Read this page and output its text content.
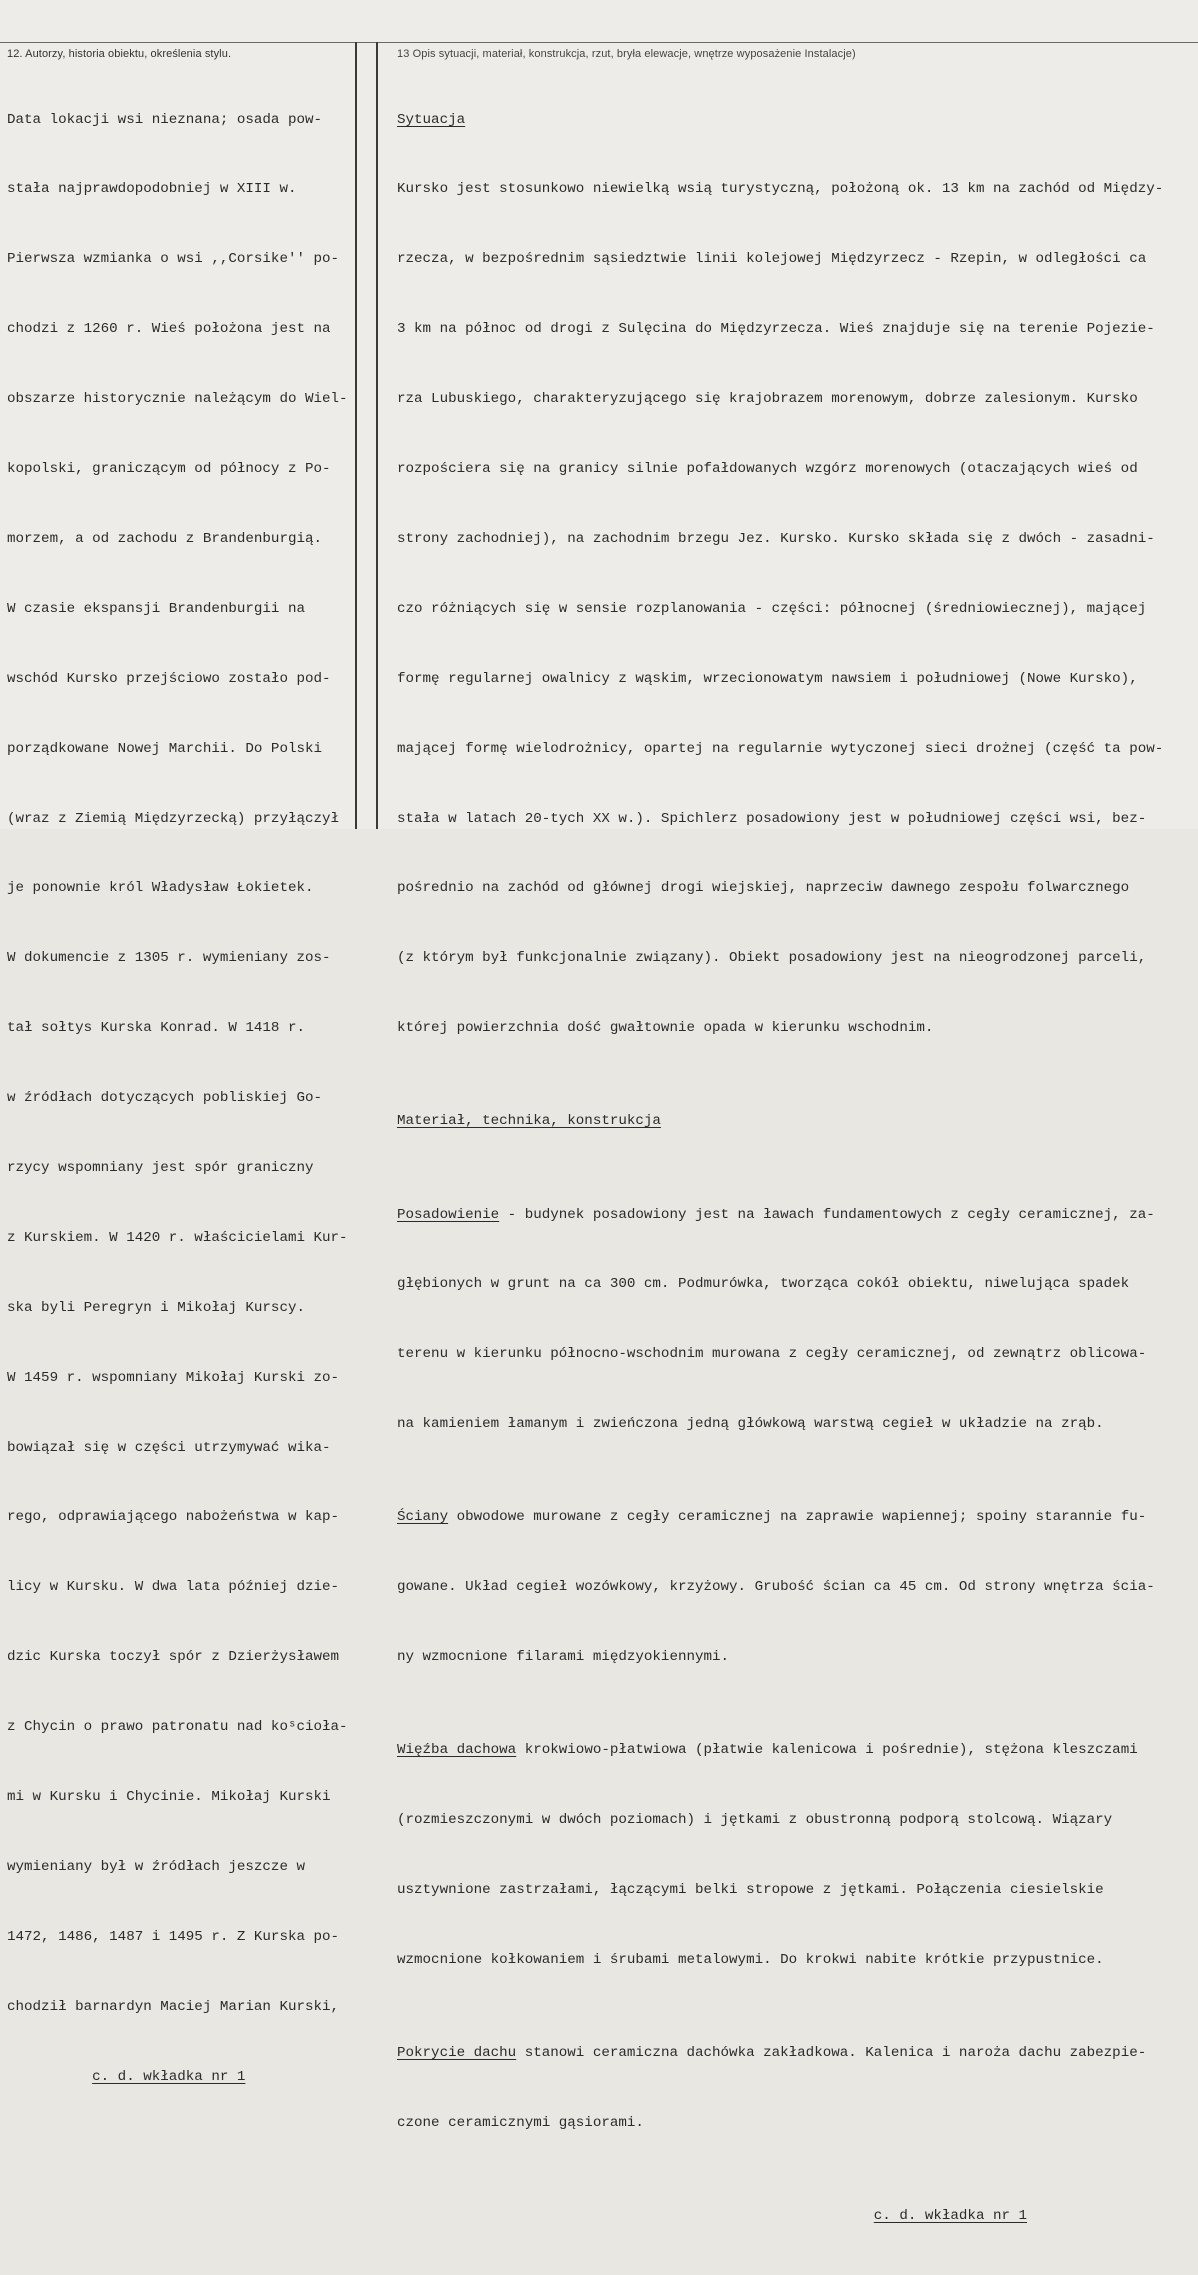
12. Autorzy, historia obiektu, określenia stylu.	13 Opis sytuacji, materiał, konstrukcja, rzut, bryła elewacje, wnętrze wyposażenie Instalacje)

Data lokacji wsi nieznana; osada pow-

stała najprawdopodobniej w XIII w.

Pierwsza wzmianka o wsi ,,Corsike'' po-

chodzi z 1260 r. Wieś położona jest na

obszarze historycznie należącym do Wiel-

kopolski, graniczącym od północy z Po-

morzem, a od zachodu z Brandenburgią.

W czasie ekspansji Brandenburgii na

wschód Kursko przejściowo zostało pod-

porządkowane Nowej Marchii. Do Polski

(wraz z Ziemią Międzyrzecką) przyłączył

je ponownie król Władysław Łokietek.

W dokumencie z 1305 r. wymieniany zos-

tał sołtys Kurska Konrad. W 1418 r.

w źródłach dotyczących pobliskiej Go-

rzycy wspomniany jest spór graniczny

z Kurskiem. W 1420 r. właścicielami Kur-

ska byli Peregryn i Mikołaj Kurscy.

W 1459 r. wspomniany Mikołaj Kurski zo-

bowiązał się w części utrzymywać wika-

rego, odprawiającego nabożeństwa w kap-

licy w Kursku. W dwa lata później dzie-

dzic Kurska toczył spór z Dzierżysławem

z Chycin o prawo patronatu nad koˢcioła-

mi w Kursku i Chycinie. Mikołaj Kurski

wymieniany był w źródłach jeszcze w

1472, 1486, 1487 i 1495 r. Z Kurska po-

chodził barnardyn Maciej Marian Kurski,

c. d. wkładka nr 1

Sytuacja

Kursko jest stosunkowo niewielką wsią turystyczną, położoną ok. 13 km na zachód od Między-

rzecza, w bezpośrednim sąsiedztwie linii kolejowej Międzyrzecz - Rzepin, w odległości ca

3 km na północ od drogi z Sulęcina do Międzyrzecza. Wieś znajduje się na terenie Pojezie-

rza Lubuskiego, charakteryzującego się krajobrazem morenowym, dobrze zalesionym. Kursko

rozpościera się na granicy silnie pofałdowanych wzgórz morenowych (otaczających wieś od

strony zachodniej), na zachodnim brzegu Jez. Kursko. Kursko składa się z dwóch - zasadni-

czo różniących się w sensie rozplanowania - części: północnej (średniowiecznej), mającej

formę regularnej owalnicy z wąskim, wrzecionowatym nawsiem i południowej (Nowe Kursko),

mającej formę wielodrożnicy, opartej na regularnie wytyczonej sieci drożnej (część ta pow-

stała w latach 20-tych XX w.). Spichlerz posadowiony jest w południowej części wsi, bez-

pośrednio na zachód od głównej drogi wiejskiej, naprzeciw dawnego zespołu folwarcznego

(z którym był funkcjonalnie związany). Obiekt posadowiony jest na nieogrodzonej parceli,

której powierzchnia dość gwałtownie opada w kierunku wschodnim.

Materiał, technika, konstrukcja

Posadowienie - budynek posadowiony jest na ławach fundamentowych z cegły ceramicznej, za-

głębionych w grunt na ca 300 cm. Podmurówka, tworząca cokół obiektu, niwelująca spadek

terenu w kierunku północno-wschodnim murowana z cegły ceramicznej, od zewnątrz oblicowa-

na kamieniem łamanym i zwieńczona jedną główkową warstwą cegieł w układzie na zrąb.

Ściany obwodowe murowane z cegły ceramicznej na zaprawie wapiennej; spoiny starannie fu-

gowane. Układ cegieł wozówkowy, krzyżowy. Grubość ścian ca 45 cm. Od strony wnętrza ścia-

ny wzmocnione filarami międzyokiennymi.

Więźba dachowa krokwiowo-płatwiowa (płatwie kalenicowa i pośrednie), stężona kleszczami

(rozmieszczonymi w dwóch poziomach) i jętkami z obustronną podporą stolcową. Wiązary

usztywnione zastrzałami, łączącymi belki stropowe z jętkami. Połączenia ciesielskie

wzmocnione kołkowaniem i śrubami metalowymi. Do krokwi nabite krótkie przypustnice.

Pokrycie dachu stanowi ceramiczna dachówka zakładkowa. Kalenica i naroża dachu zabezpie-

czone ceramicznymi gąsiorami.

c. d. wkładka nr 1
